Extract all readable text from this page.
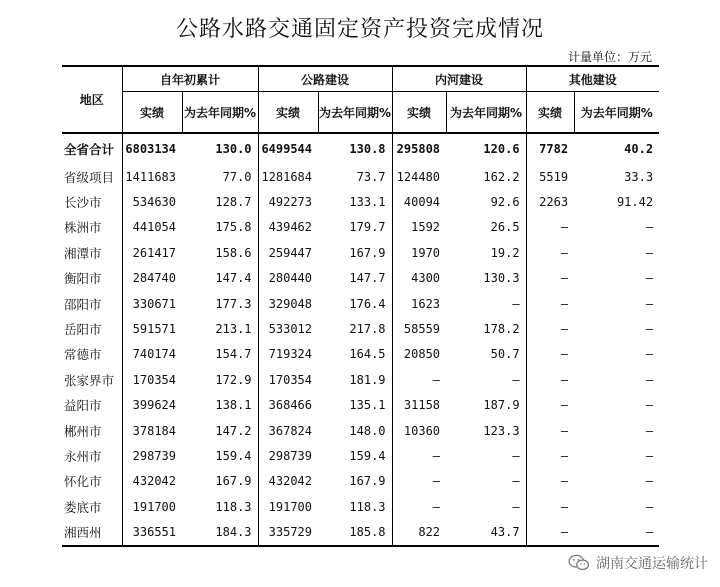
公路水路交通固定资产投资完成情况
计量单位：万元
地区	自年初累计		公路建设		内河建设		其他建设	
	实绩	为去年同期%	实绩	为去年同期%	实绩	为去年同期%	实绩	为去年同期%
全省合计	6803134	130.0	6499544	130.8	295808	120.6	7782	40.2
省级项目	1411683	77.0	1281684	73.7	124480	162.2	5519	33.3
长沙市	534630	128.7	492273	133.1	40094	92.6	2263	91.42
株洲市	441054	175.8	439462	179.7	1592	26.5	–	–
湘潭市	261417	158.6	259447	167.9	1970	19.2	–	–
衡阳市	284740	147.4	280440	147.7	4300	130.3	–	–
邵阳市	330671	177.3	329048	176.4	1623	–	–	–
岳阳市	591571	213.1	533012	217.8	58559	178.2	–	–
常德市	740174	154.7	719324	164.5	20850	50.7	–	–
张家界市	170354	172.9	170354	181.9	–	–	–	–
益阳市	399624	138.1	368466	135.1	31158	187.9	–	–
郴州市	378184	147.2	367824	148.0	10360	123.3	–	–
永州市	298739	159.4	298739	159.4	–	–	–	–
怀化市	432042	167.9	432042	167.9	–	–	–	–
娄底市	191700	118.3	191700	118.3	–	–	–	–
湘西州	336551	184.3	335729	185.8	822	43.7	–	–
湖南交通运输统计
